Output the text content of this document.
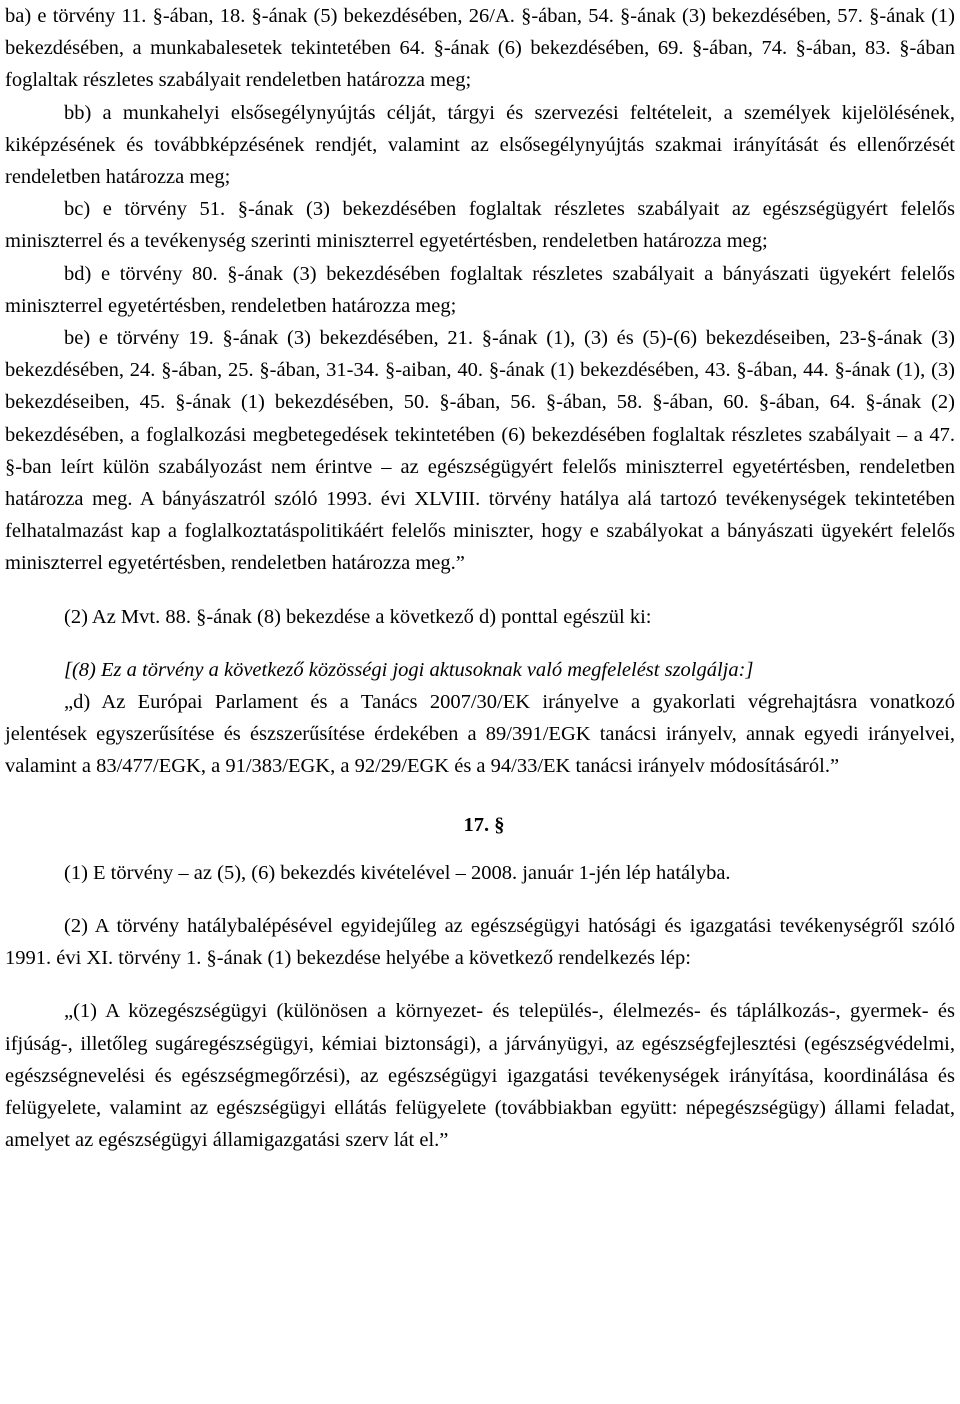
ba) e törvény 11. §-ában, 18. §-ának (5) bekezdésében, 26/A. §-ában, 54. §-ának (3) bekezdésében, 57. §-ának (1) bekezdésében, a munkabalesetek tekintetében 64. §-ának (6) bekezdésében, 69. §-ában, 74. §-ában, 83. §-ában foglaltak részletes szabályait rendeletben határozza meg;

bb) a munkahelyi elsősegélynyújtás célját, tárgyi és szervezési feltételeit, a személyek kijelölésének, kiképzésének és továbbképzésének rendjét, valamint az elsősegélynyújtás szakmai irányítását és ellenőrzését rendeletben határozza meg;

bc) e törvény 51. §-ának (3) bekezdésében foglaltak részletes szabályait az egészségügyért felelős miniszterrel és a tevékenység szerinti miniszterrel egyetértésben, rendeletben határozza meg;

bd) e törvény 80. §-ának (3) bekezdésében foglaltak részletes szabályait a bányászati ügyekért felelős miniszterrel egyetértésben, rendeletben határozza meg;

be) e törvény 19. §-ának (3) bekezdésében, 21. §-ának (1), (3) és (5)-(6) bekezdéseiben, 23-§-ának (3) bekezdésében, 24. §-ában, 25. §-ában, 31-34. §-aiban, 40. §-ának (1) bekezdésében, 43. §-ában, 44. §-ának (1), (3) bekezdéseiben, 45. §-ának (1) bekezdésében, 50. §-ában, 56. §-ában, 58. §-ában, 60. §-ában, 64. §-ának (2) bekezdésében, a foglalkozási megbetegedések tekintetében (6) bekezdésében foglaltak részletes szabályait – a 47. §-ban leírt külön szabályozást nem érintve – az egészségügyért felelős miniszterrel egyetértésben, rendeletben határozza meg. A bányászatról szóló 1993. évi XLVIII. törvény hatálya alá tartozó tevékenységek tekintetében felhatalmazást kap a foglalkoztatáspolitikáért felelős miniszter, hogy e szabályokat a bányászati ügyekért felelős miniszterrel egyetértésben, rendeletben határozza meg.”

(2) Az Mvt. 88. §-ának (8) bekezdése a következő d) ponttal egészül ki:

[(8) Ez a törvény a következő közösségi jogi aktusoknak való megfelelést szolgálja:]

„d) Az Európai Parlament és a Tanács 2007/30/EK irányelve a gyakorlati végrehajtásra vonatkozó jelentések egyszerűsítése és észszerűsítése érdekében a 89/391/EGK tanácsi irányelv, annak egyedi irányelvei, valamint a 83/477/EGK, a 91/383/EGK, a 92/29/EGK és a 94/33/EK tanácsi irányelv módosításáról.”

17. §

(1) E törvény – az (5), (6) bekezdés kivételével – 2008. január 1-jén lép hatályba.

(2) A törvény hatálybalépésével egyidejűleg az egészségügyi hatósági és igazgatási tevékenységről szóló 1991. évi XI. törvény 1. §-ának (1) bekezdése helyébe a következő rendelkezés lép:

„(1) A közegészségügyi (különösen a környezet- és település-, élelmezés- és táplálkozás-, gyermek- és ifjúság-, illetőleg sugáregészségügyi, kémiai biztonsági), a járványügyi, az egészségfejlesztési (egészségvédelmi, egészségnevelési és egészségmegőrzési), az egészségügyi igazgatási tevékenységek irányítása, koordinálása és felügyelete, valamint az egészségügyi ellátás felügyelete (továbbiakban együtt: népegészségügy) állami feladat, amelyet az egészségügyi államigazgatási szerv lát el.”
